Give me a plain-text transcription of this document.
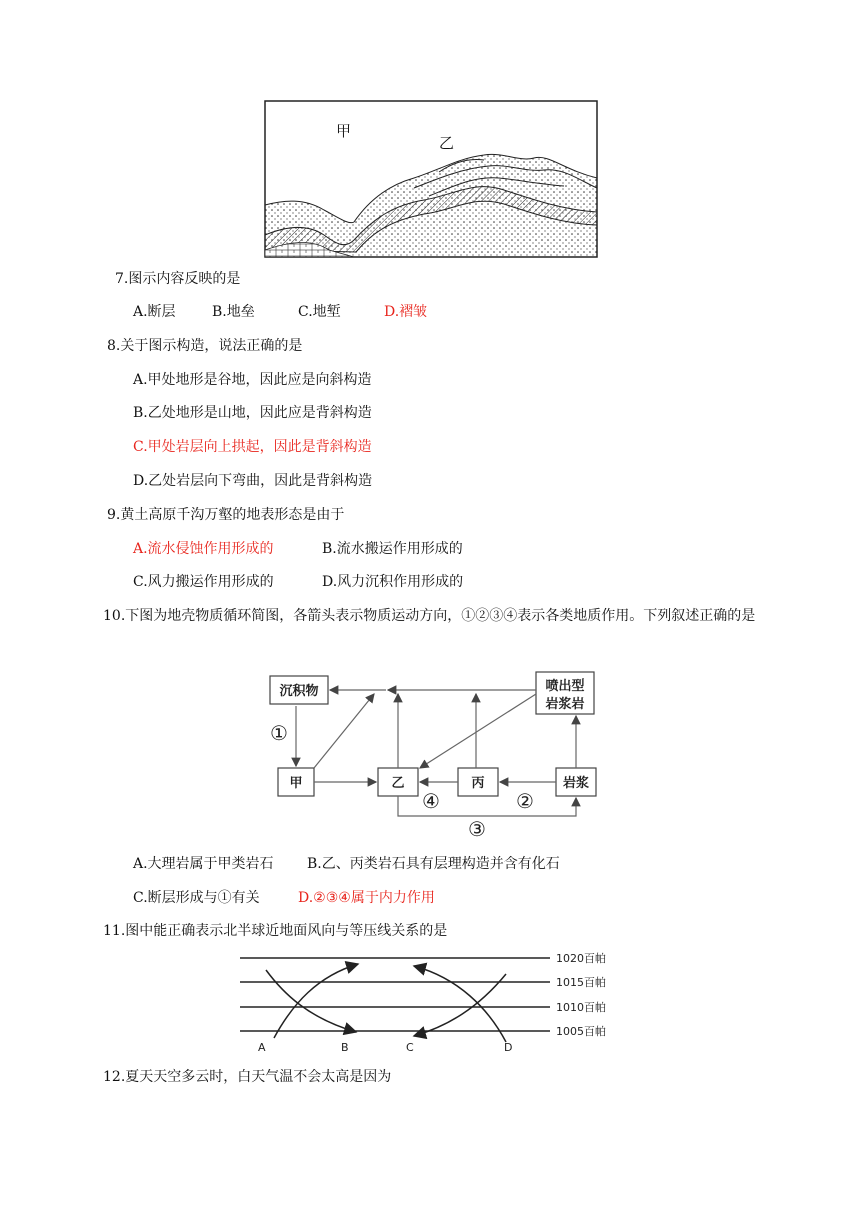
甲
乙
7.图示内容反映的是
A.断层	B.地垒	C.地堑	D.褶皱
8.关于图示构造，说法正确的是
A.甲处地形是谷地，因此应是向斜构造
B.乙处地形是山地，因此应是背斜构造
C.甲处岩层向上拱起，因此是背斜构造
D.乙处岩层向下弯曲，因此是背斜构造
9.黄土高原千沟万壑的地表形态是由于
A.流水侵蚀作用形成的	B.流水搬运作用形成的
C.风力搬运作用形成的	D.风力沉积作用形成的
10.下图为地壳物质循环简图，各箭头表示物质运动方向，①②③④表示各类地质作用。下列叙述正确的是
沉积物	喷出型
岩浆岩
甲	乙	丙	岩浆
①
④	②
③
A.大理岩属于甲类岩石 B.乙、丙类岩石具有层理构造并含有化石
C.断层形成与①有关	D.②③④属于内力作用
11.图中能正确表示北半球近地面风向与等压线关系的是
1020百帕
1015百帕
1010百帕
1005百帕
A	B	C	D
12.夏天天空多云时，白天气温不会太高是因为
